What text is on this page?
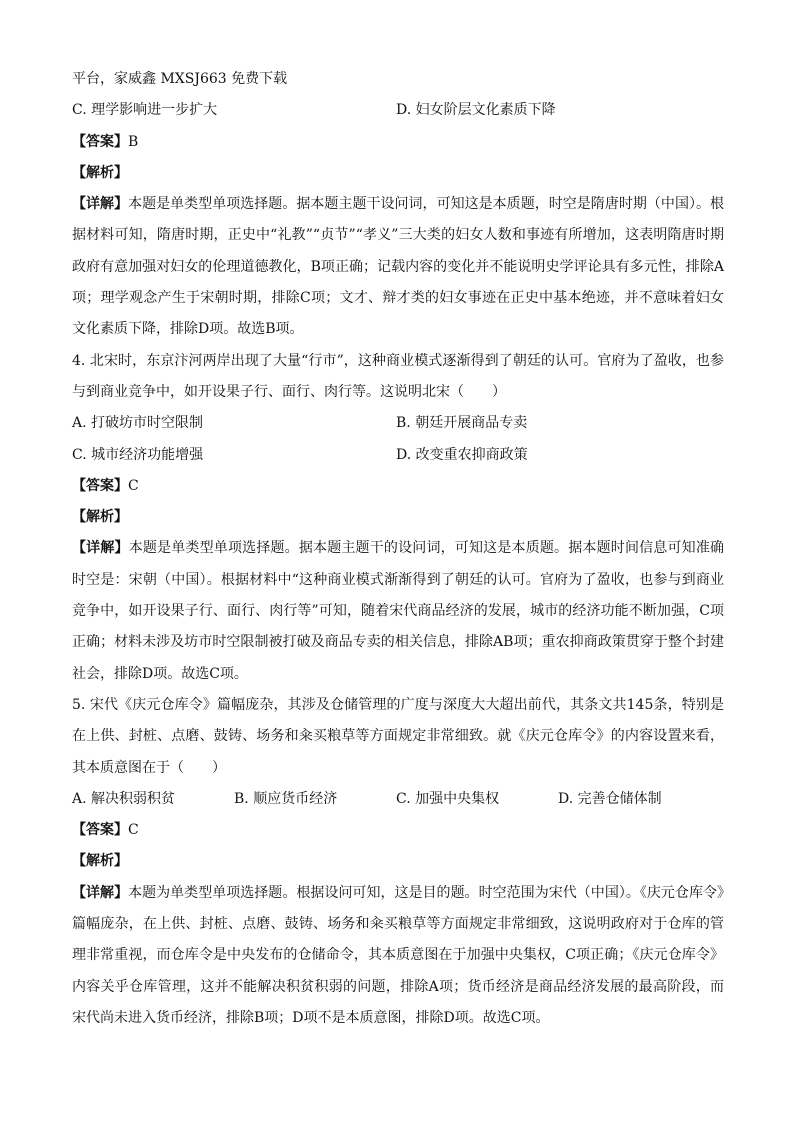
平台，家威鑫 MXSJ663 免费下载
C. 理学影响进一步扩大	D. 妇女阶层文化素质下降
【答案】B
【解析】
【详解】本题是单类型单项选择题。据本题主题干设问词，可知这是本质题，时空是隋唐时期（中国）。根据材料可知，隋唐时期，正史中“礼教”“贞节”“孝义”三大类的妇女人数和事迹有所增加，这表明隋唐时期政府有意加强对妇女的伦理道德教化，B项正确；记载内容的变化并不能说明史学评论具有多元性，排除A项；理学观念产生于宋朝时期，排除C项；文才、辩才类的妇女事迹在正史中基本绝迹，并不意味着妇女文化素质下降，排除D项。故选B项。
4. 北宋时，东京汴河两岸出现了大量“行市”，这种商业模式逐渐得到了朝廷的认可。官府为了盈收，也参与到商业竞争中，如开设果子行、面行、肉行等。这说明北宋（　　）
A. 打破坊市时空限制	B. 朝廷开展商品专卖
C. 城市经济功能增强	D. 改变重农抑商政策
【答案】C
【解析】
【详解】本题是单类型单项选择题。据本题主题干的设问词，可知这是本质题。据本题时间信息可知准确时空是：宋朝（中国）。根据材料中“这种商业模式渐渐得到了朝廷的认可。官府为了盈收，也参与到商业竞争中，如开设果子行、面行、肉行等”可知，随着宋代商品经济的发展，城市的经济功能不断加强，C项正确；材料未涉及坊市时空限制被打破及商品专卖的相关信息，排除AB项；重农抑商政策贯穿于整个封建社会，排除D项。故选C项。
5. 宋代《庆元仓库令》篇幅庞杂，其涉及仓储管理的广度与深度大大超出前代，其条文共145条，特别是在上供、封桩、点磨、鼓铸、场务和籴买粮草等方面规定非常细致。就《庆元仓库令》的内容设置来看，其本质意图在于（　　）
A. 解决积弱积贫	B. 顺应货币经济	C. 加强中央集权	D. 完善仓储体制
【答案】C
【解析】
【详解】本题为单类型单项选择题。根据设问可知，这是目的题。时空范围为宋代（中国）。《庆元仓库令》篇幅庞杂，在上供、封桩、点磨、鼓铸、场务和籴买粮草等方面规定非常细致，这说明政府对于仓库的管理非常重视，而仓库令是中央发布的仓储命令，其本质意图在于加强中央集权，C项正确；《庆元仓库令》内容关乎仓库管理，这并不能解决积贫积弱的问题，排除A项；货币经济是商品经济发展的最高阶段，而宋代尚未进入货币经济，排除B项；D项不是本质意图，排除D项。故选C项。
